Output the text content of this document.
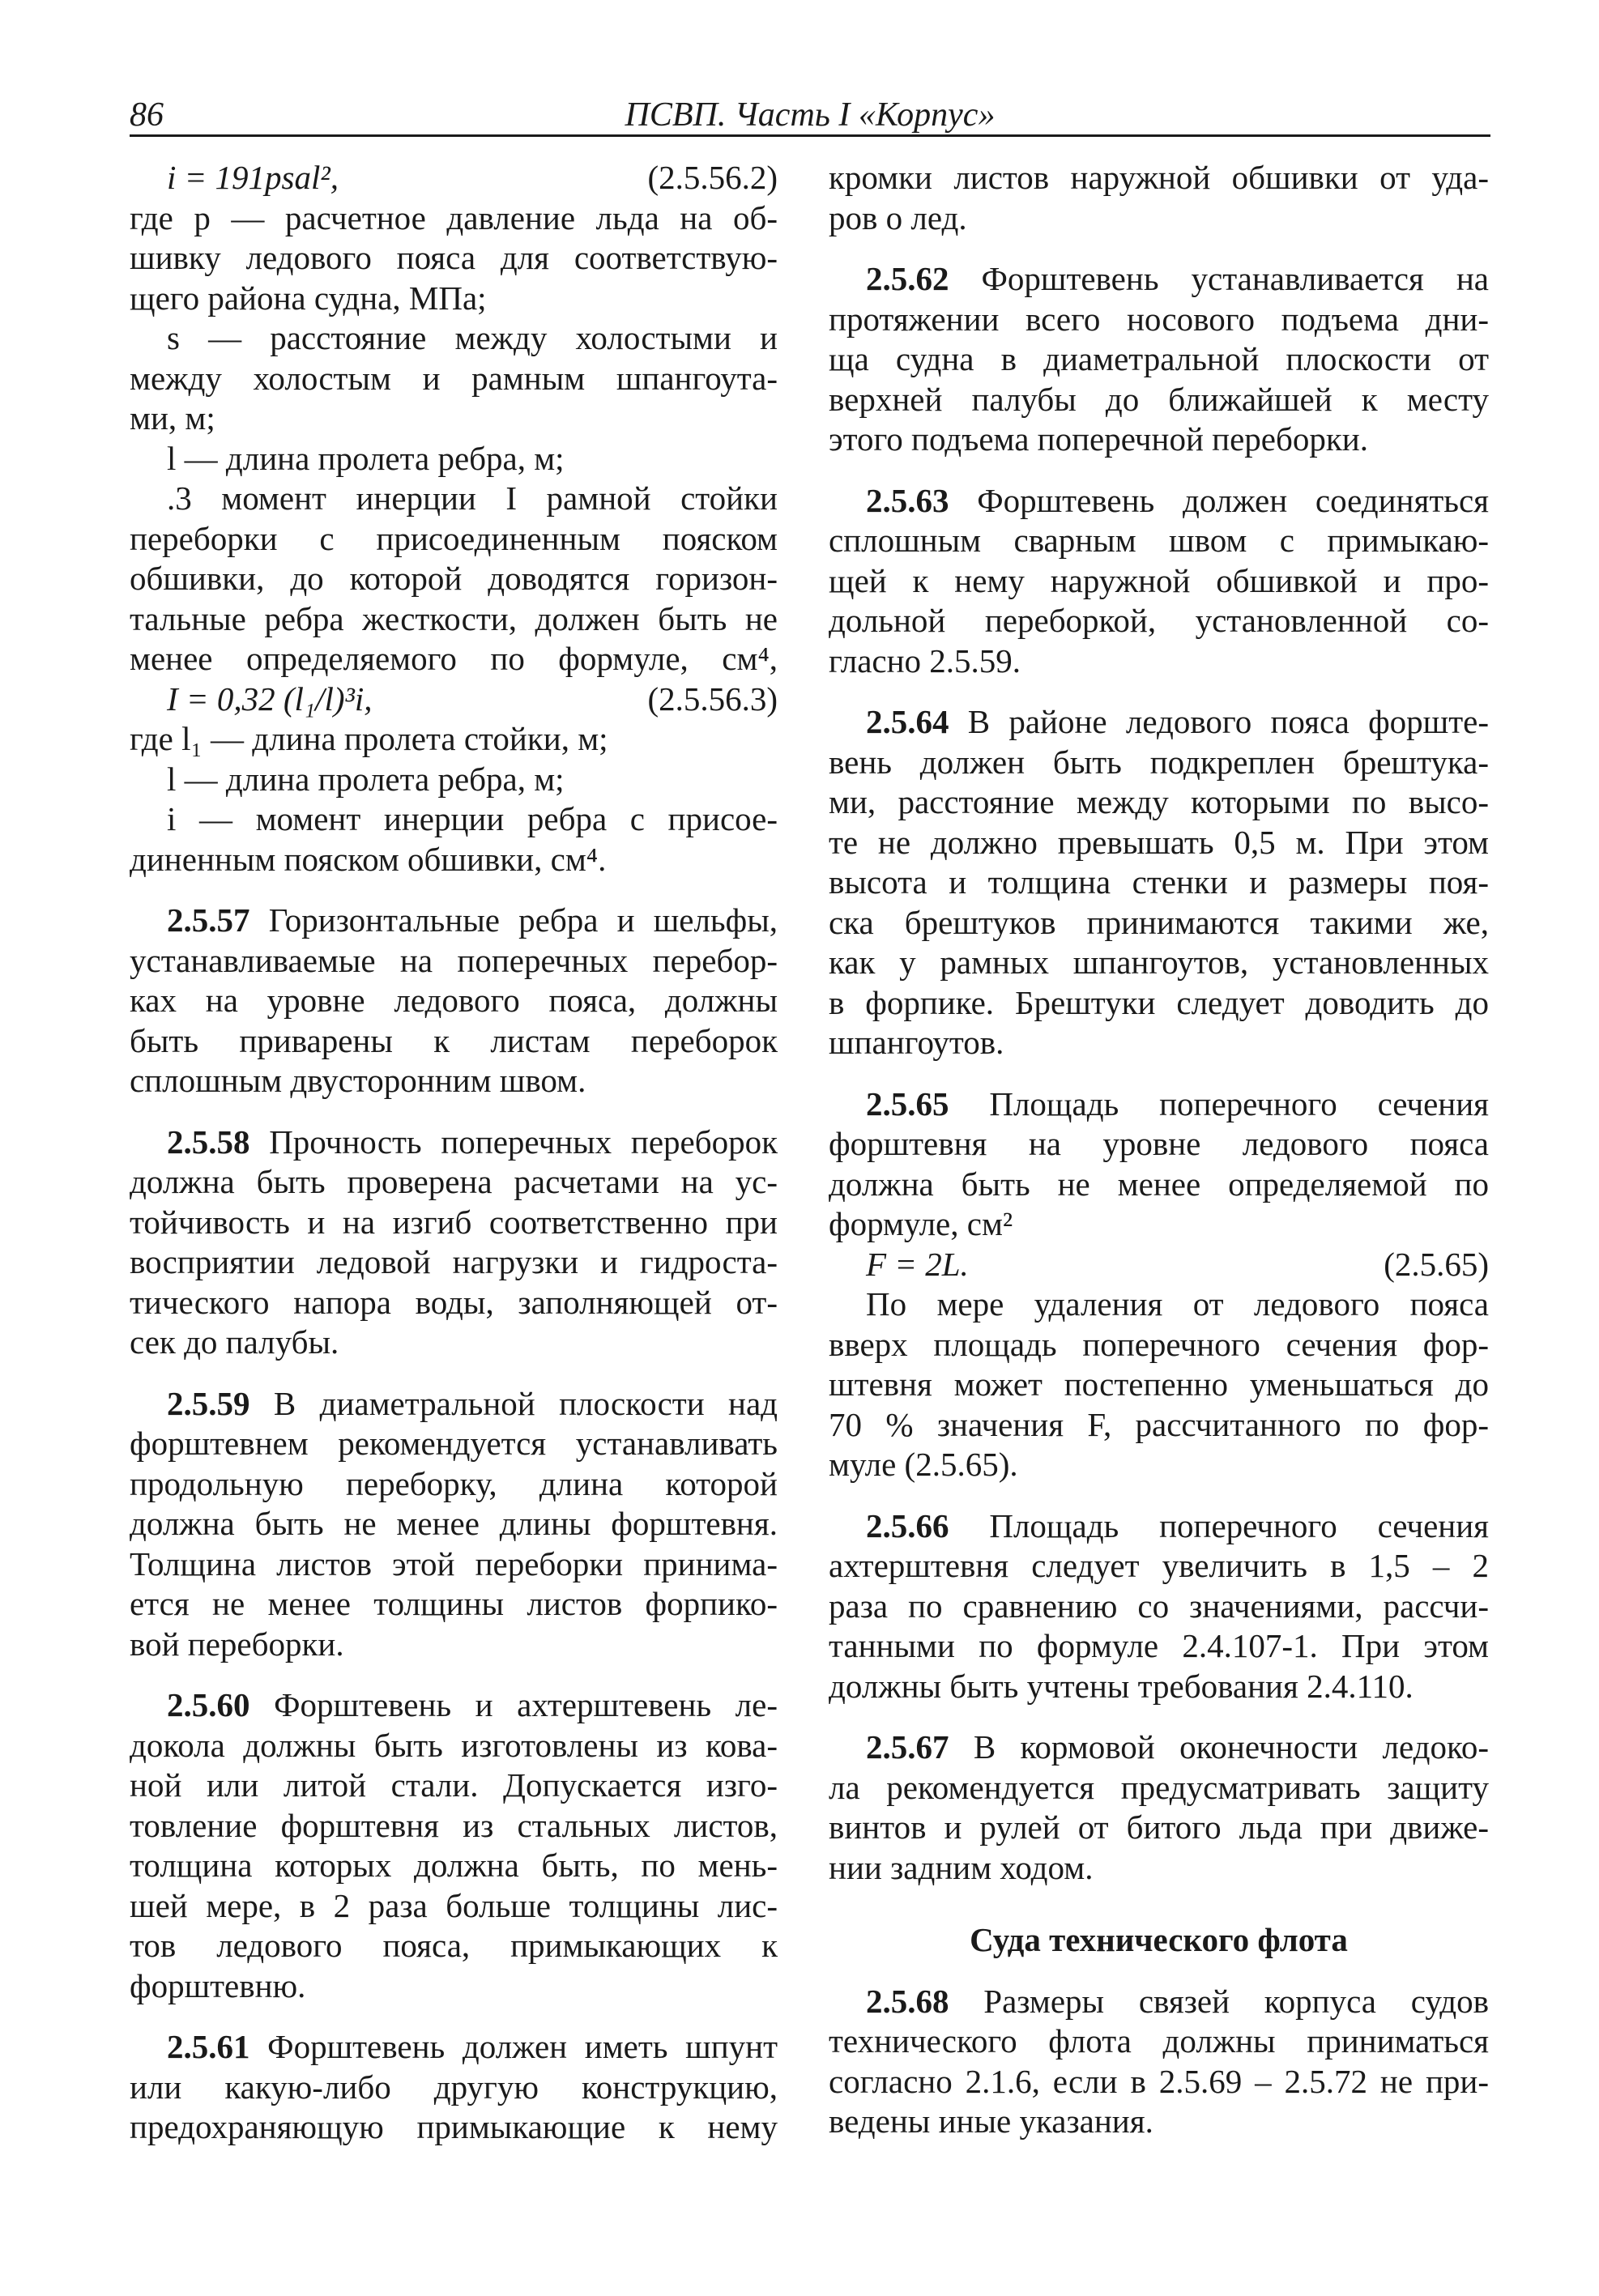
86	ПСВП. Часть I «Корпус»
i = 191psal²,	(2.5.56.2)
где p — расчетное давление льда на об-
шивку ледового пояса для соответствую-
щего района судна, МПа;
s — расстояние между холостыми и
между холостым и рамным шпангоута-
ми, м;
l — длина пролета ребра, м;
.3 момент инерции I рамной стойки
переборки с присоединенным пояском
обшивки, до которой доводятся горизон-
тальные ребра жесткости, должен быть не
менее определяемого по формуле, см⁴,
I = 0,32 (l₁/l)³i,	(2.5.56.3)
где l₁ — длина пролета стойки, м;
l — длина пролета ребра, м;
i — момент инерции ребра с присое-
диненным пояском обшивки, см⁴.
2.5.57 Горизонтальные ребра и шельфы,
устанавливаемые на поперечных перебор-
ках на уровне ледового пояса, должны
быть приварены к листам переборок
сплошным двусторонним швом.
2.5.58 Прочность поперечных переборок
должна быть проверена расчетами на ус-
тойчивость и на изгиб соответственно при
восприятии ледовой нагрузки и гидроста-
тического напора воды, заполняющей от-
сек до палубы.
2.5.59 В диаметральной плоскости над
форштевнем рекомендуется устанавливать
продольную переборку, длина которой
должна быть не менее длины форштевня.
Толщина листов этой переборки принима-
ется не менее толщины листов форпико-
вой переборки.
2.5.60 Форштевень и ахтерштевень ле-
докола должны быть изготовлены из кова-
ной или литой стали. Допускается изго-
товление форштевня из стальных листов,
толщина которых должна быть, по мень-
шей мере, в 2 раза больше толщины лис-
тов ледового пояса, примыкающих к
форштевню.
2.5.61 Форштевень должен иметь шпунт
или какую-либо другую конструкцию,
предохраняющую примыкающие к нему
кромки листов наружной обшивки от уда-
ров о лед.
2.5.62 Форштевень устанавливается на
протяжении всего носового подъема дни-
ща судна в диаметральной плоскости от
верхней палубы до ближайшей к месту
этого подъема поперечной переборки.
2.5.63 Форштевень должен соединяться
сплошным сварным швом с примыкаю-
щей к нему наружной обшивкой и про-
дольной переборкой, установленной со-
гласно 2.5.59.
2.5.64 В районе ледового пояса форште-
вень должен быть подкреплен брештука-
ми, расстояние между которыми по высо-
те не должно превышать 0,5 м. При этом
высота и толщина стенки и размеры поя-
ска брештуков принимаются такими же,
как у рамных шпангоутов, установленных
в форпике. Брештуки следует доводить до
шпангоутов.
2.5.65 Площадь поперечного сечения
форштевня на уровне ледового пояса
должна быть не менее определяемой по
формуле, см²
F = 2L.	(2.5.65)
По мере удаления от ледового пояса
вверх площадь поперечного сечения фор-
штевня может постепенно уменьшаться до
70 % значения F, рассчитанного по фор-
муле (2.5.65).
2.5.66 Площадь поперечного сечения
ахтерштевня следует увеличить в 1,5 – 2
раза по сравнению со значениями, рассчи-
танными по формуле 2.4.107-1. При этом
должны быть учтены требования 2.4.110.
2.5.67 В кормовой оконечности ледоко-
ла рекомендуется предусматривать защиту
винтов и рулей от битого льда при движе-
нии задним ходом.
Суда технического флота
2.5.68 Размеры связей корпуса судов
технического флота должны приниматься
согласно 2.1.6, если в 2.5.69 – 2.5.72 не при-
ведены иные указания.
